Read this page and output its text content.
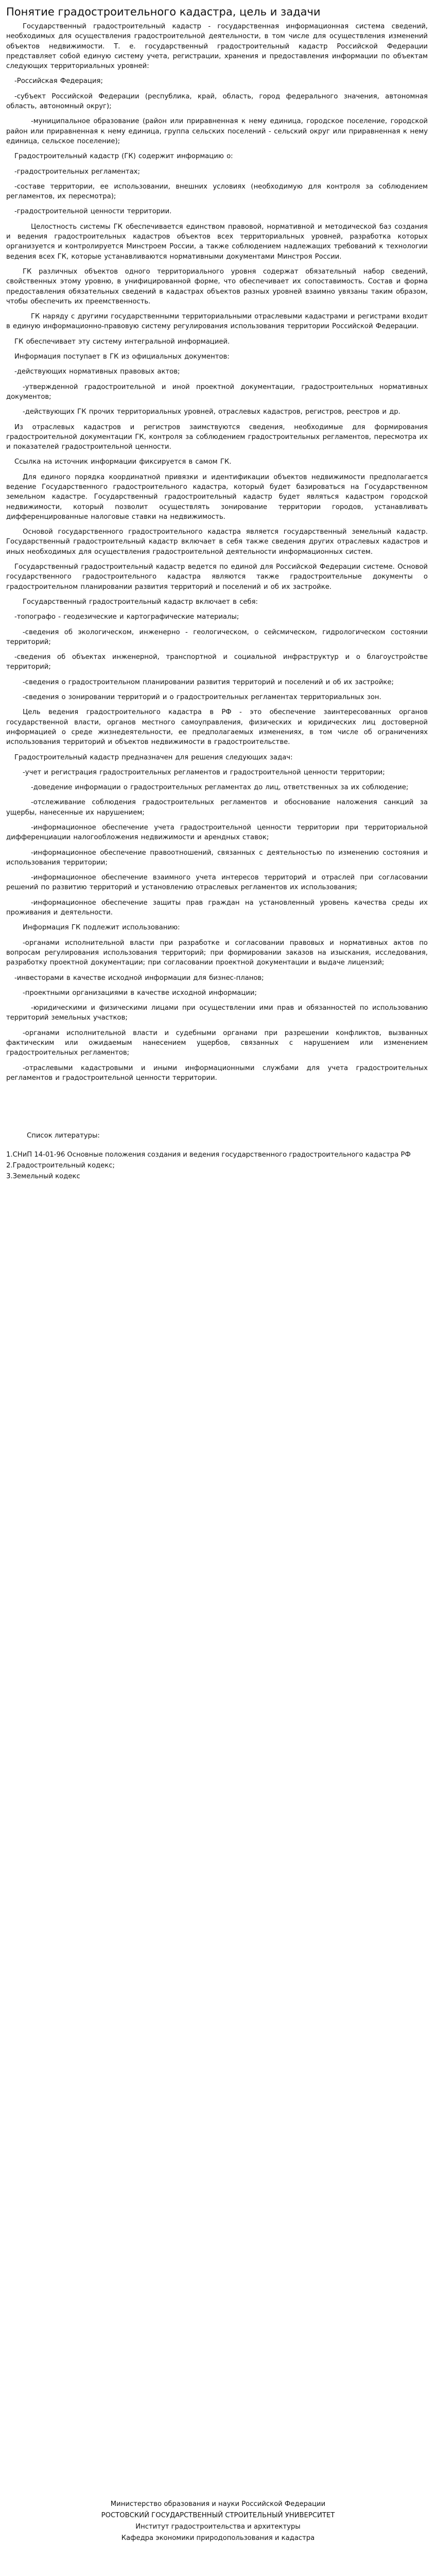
Понятие градостроительного кадастра, цель и задачи

Государственный градостроительный кадастр - государственная информационная система сведений, необходимых для осуществления градостроительной деятельности, в том числе для осуществления изменений объектов недвижимости. Т. е. государственный градостроительный кадастр Российской Федерации представляет собой единую систему учета, регистрации, хранения и предоставления информации по объектам следующих территориальных уровней:

-Российская Федерация;

-субъект Российской Федерации (республика, край, область, город федерального значения, автономная область, автономный округ);

-муниципальное образование (район или приравненная к нему единица, городское поселение, городской район или приравненная к нему единица, группа сельских поселений - сельский округ или приравненная к нему единица, сельское поселение);

Градостроительный кадастр (ГК) содержит информацию о:

-градостроительных регламентах;

-составе территории, ее использовании, внешних условиях (необходимую для контроля за соблюдением регламентов, их пересмотра);

-градостроительной ценности территории.

Целостность системы ГК обеспечивается единством правовой, нормативной и методической баз создания и ведения градостроительных кадастров объектов всех территориальных уровней, разработка которых организуется и контролируется Минстроем России, а также соблюдением надлежащих требований к технологии ведения всех ГК, которые устанавливаются нормативными документами Минстроя России.

ГК различных объектов одного территориального уровня содержат обязательный набор сведений, свойственных этому уровню, в унифицированной форме, что обеспечивает их сопоставимость. Состав и форма предоставления обязательных сведений в кадастрах объектов разных уровней взаимно увязаны таким образом, чтобы обеспечить их преемственность.

ГК наряду с другими государственными территориальными отраслевыми кадастрами и регистрами входит в единую информационно-правовую систему регулирования использования территории Российской Федерации.

ГК обеспечивает эту систему интегральной информацией.

Информация поступает в ГК из официальных документов:

-действующих нормативных правовых актов;

-утвержденной градостроительной и иной проектной документации, градостроительных нормативных документов;

-действующих ГК прочих территориальных уровней, отраслевых кадастров, регистров, реестров и др.

Из отраслевых кадастров и регистров заимствуются сведения, необходимые для формирования градостроительной документации ГК, контроля за соблюдением градостроительных регламентов, пересмотра их и показателей градостроительной ценности.

Ссылка на источник информации фиксируется в самом ГК.

Для единого порядка координатной привязки и идентификации объектов недвижимости предполагается ведение Государственного градостроительного кадастра, который будет базироваться на Государственном земельном кадастре. Государственный градостроительный кадастр будет являться кадастром городской недвижимости, который позволит осуществлять зонирование территории городов, устанавливать дифференцированные налоговые ставки на недвижимость.

Основой государственного градостроительного кадастра является государственный земельный кадастр. Государственный градостроительный кадастр включает в себя также сведения других отраслевых кадастров и иных необходимых для осуществления градостроительной деятельности информационных систем.

Государственный градостроительный кадастр ведется по единой для Российской Федерации системе. Основой государственного градостроительного кадастра являются также градостроительные документы о градостроительном планировании развития территорий и поселений и об их застройке.

Государственный градостроительный кадастр включает в себя:

-топографо - геодезические и картографические материалы;

-сведения об экологическом, инженерно - геологическом, о сейсмическом, гидрологическом состоянии территорий;

-сведения об объектах инженерной, транспортной и социальной инфраструктур и о благоустройстве территорий;

-сведения о градостроительном планировании развития территорий и поселений и об их застройке;

-сведения о зонировании территорий и о градостроительных регламентах территориальных зон.

Цель ведения градостроительного кадастра в РФ - это обеспечение заинтересованных органов государственной власти, органов местного самоуправления, физических и юридических лиц достоверной информацией о среде жизнедеятельности, ее предполагаемых изменениях, в том числе об ограничениях использования территорий и объектов недвижимости в градостроительстве.

Градостроительный кадастр предназначен для решения следующих задач:

-учет и регистрация градостроительных регламентов и градостроительной ценности территории;

-доведение информации о градостроительных регламентах до лиц, ответственных за их соблюдение;

-отслеживание соблюдения градостроительных регламентов и обоснование наложения санкций за ущербы, нанесенные их нарушением;

-информационное обеспечение учета градостроительной ценности территории при территориальной дифференциации налогообложения недвижимости и арендных ставок;

-информационное обеспечение правоотношений, связанных с деятельностью по изменению состояния и использования территории;

-информационное обеспечение взаимного учета интересов территорий и отраслей при согласовании решений по развитию территорий и установлению отраслевых регламентов их использования;

-информационное обеспечение защиты прав граждан на установленный уровень качества среды их проживания и деятельности.

Информация ГК подлежит использованию:

-органами исполнительной власти при разработке и согласовании правовых и нормативных актов по вопросам регулирования использования территорий; при формировании заказов на изыскания, исследования, разработку проектной документации; при согласовании проектной документации и выдаче лицензий;

-инвесторами в качестве исходной информации для бизнес-планов;

-проектными организациями в качестве исходной информации;

-юридическими и физическими лицами при осуществлении ими прав и обязанностей по использованию территорий земельных участков;

-органами исполнительной власти и судебными органами при разрешении конфликтов, вызванных фактическим или ожидаемым нанесением ущербов, связанных с нарушением или изменением градостроительных регламентов;

-отраслевыми кадастровыми и иными информационными службами для учета градостроительных регламентов и градостроительной ценности территории.

Список литературы:

1.СНиП 14-01-96 Основные положения создания и ведения государственного градостроительного кадастра РФ

2.Градостроительный кодекс;

3.Земельный кодекс

Министерство образования и науки Российской Федерации

РОСТОВСКИЙ ГОСУДАРСТВЕННЫЙ СТРОИТЕЛЬНЫЙ УНИВЕРСИТЕТ

Институт градостроительства и архитектуры

Кафедра экономики природопользования и кадастра
